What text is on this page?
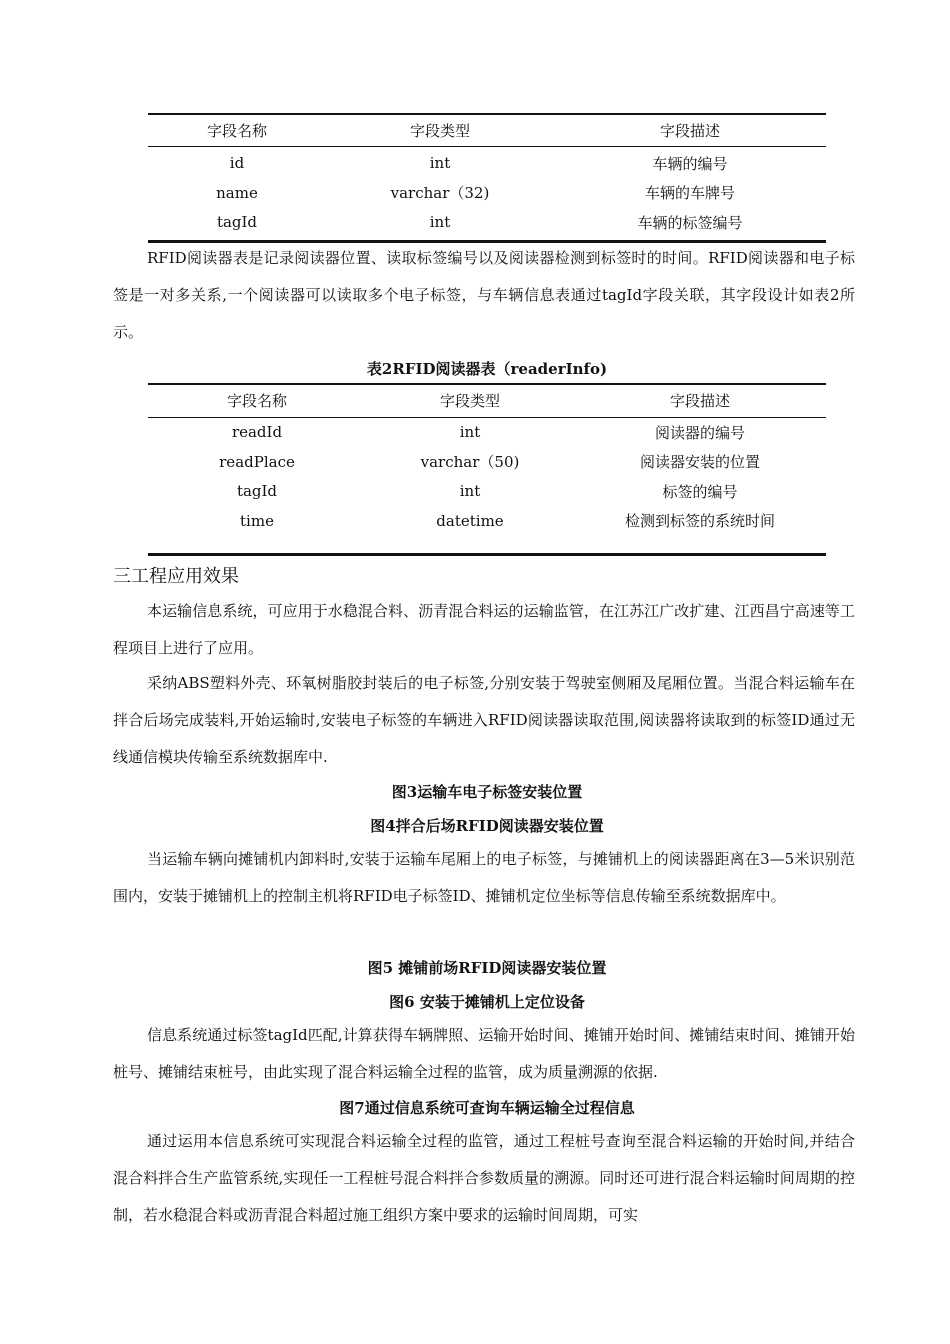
字段名称	字段类型	字段描述
id	int	车辆的编号
name	varchar（32)	车辆的车牌号
tagId	int	车辆的标签编号

RFID阅读器表是记录阅读器位置、读取标签编号以及阅读器检测到标签时的时间。RFID阅读器和电子标签是一对多关系,一个阅读器可以读取多个电子标签，与车辆信息表通过tagId字段关联，其字段设计如表2所示。

表2RFID阅读器表（readerInfo)

字段名称	字段类型	字段描述
readId	int	阅读器的编号
readPlace	varchar（50)	阅读器安装的位置
tagId	int	标签的编号
time	datetime	检测到标签的系统时间
三工程应用效果

本运输信息系统，可应用于水稳混合料、沥青混合料运的运输监管，在江苏江广改扩建、江西昌宁高速等工程项目上进行了应用。

采纳ABS塑料外壳、环氧树脂胶封装后的电子标签,分别安装于驾驶室侧厢及尾厢位置。当混合料运输车在拌合后场完成装料,开始运输时,安装电子标签的车辆进入RFID阅读器读取范围,阅读器将读取到的标签ID通过无线通信模块传输至系统数据库中.

图3运输车电子标签安装位置

图4拌合后场RFID阅读器安装位置

当运输车辆向摊铺机内卸料时,安装于运输车尾厢上的电子标签，与摊铺机上的阅读器距离在3—5米识别范围内，安装于摊铺机上的控制主机将RFID电子标签ID、摊铺机定位坐标等信息传输至系统数据库中。

图5 摊铺前场RFID阅读器安装位置

图6 安装于摊铺机上定位设备

信息系统通过标签tagId匹配,计算获得车辆牌照、运输开始时间、摊铺开始时间、摊铺结束时间、摊铺开始桩号、摊铺结束桩号，由此实现了混合料运输全过程的监管，成为质量溯源的依据.

图7通过信息系统可查询车辆运输全过程信息

通过运用本信息系统可实现混合料运输全过程的监管，通过工程桩号查询至混合料运输的开始时间,并结合混合料拌合生产监管系统,实现任一工程桩号混合料拌合参数质量的溯源。同时还可进行混合料运输时间周期的控制，若水稳混合料或沥青混合料超过施工组织方案中要求的运输时间周期，可实
